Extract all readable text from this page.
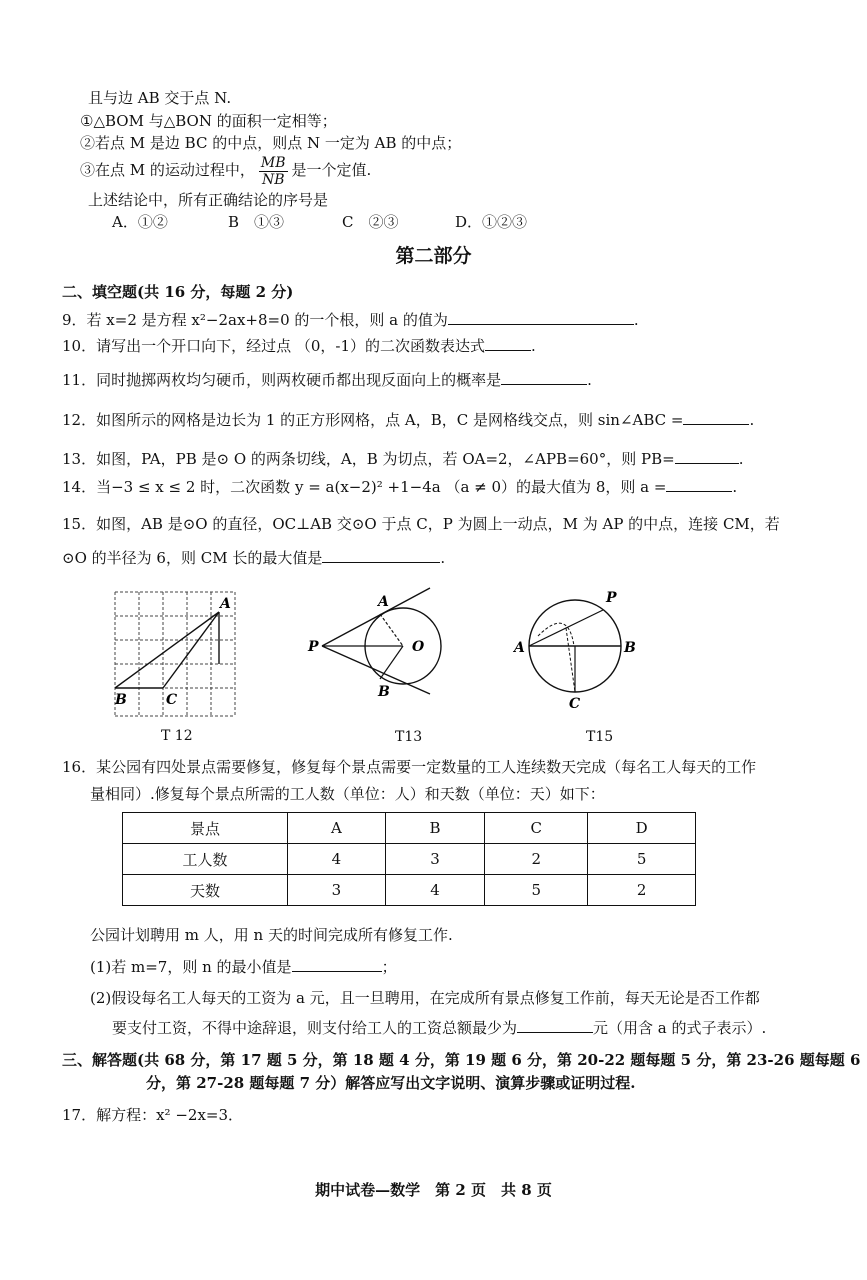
且与边 AB 交于点 N.
①△BOM 与△BON 的面积一定相等；
②若点 M 是边 BC 的中点，则点 N 一定为 AB 的中点；
③在点 M 的运动过程中， $\frac{MB}{NB}$ 是一个定值.
上述结论中，所有正确结论的序号是
A．①②	B　①③	C　②③	D．①②③
第二部分
二、填空题(共 16 分，每题 2 分)
9．若 x=2 是方程 x²−2ax+8=0 的一个根，则 a 的值为	.
10．请写出一个开口向下，经过点 （0，-1）的二次函数表达式	.
11．同时抛掷两枚均匀硬币，则两枚硬币都出现反面向上的概率是	.
12．如图所示的网格是边长为 1 的正方形网格，点 A，B，C 是网格线交点，则 sin∠ABC =	.
13．如图，PA，PB 是⊙ O 的两条切线，A，B 为切点，若 OA=2，∠APB=60°，则 PB=	.
14．当−3 ≤ x ≤ 2 时，二次函数 y = a(x−2)² +1−4a （a ≠ 0）的最大值为 8，则 a =	.
15．如图，AB 是⊙O 的直径，OC⊥AB 交⊙O 于点 C，P 为圆上一动点，M 为 AP 的中点，连接 CM，若
⊙O 的半径为 6，则 CM 长的最大值是	.
A
B	C
T 12
A
B
P	O
T13
P
A	B
C
T15
16．某公园有四处景点需要修复，修复每个景点需要一定数量的工人连续数天完成（每名工人每天的工作
量相同）.修复每个景点所需的工人数（单位：人）和天数（单位：天）如下：
景点	A	B	C	D
工人数	4	3	2	5
天数	3	4	5	2
公园计划聘用 m 人，用 n 天的时间完成所有修复工作.
(1)若 m=7，则 n 的最小值是	；
(2)假设每名工人每天的工资为 a 元，且一旦聘用，在完成所有景点修复工作前，每天无论是否工作都
要支付工资，不得中途辞退，则支付给工人的工资总额最少为	元（用含 a 的式子表示）.
三、解答题(共 68 分，第 17 题 5 分，第 18 题 4 分，第 19 题 6 分，第 20-22 题每题 5 分，第 23-26 题每题 6
分，第 27-28 题每题 7 分）解答应写出文字说明、演算步骤或证明过程.
17．解方程：x² −2x=3．
期中试卷—数学　第 2 页　共 8 页
